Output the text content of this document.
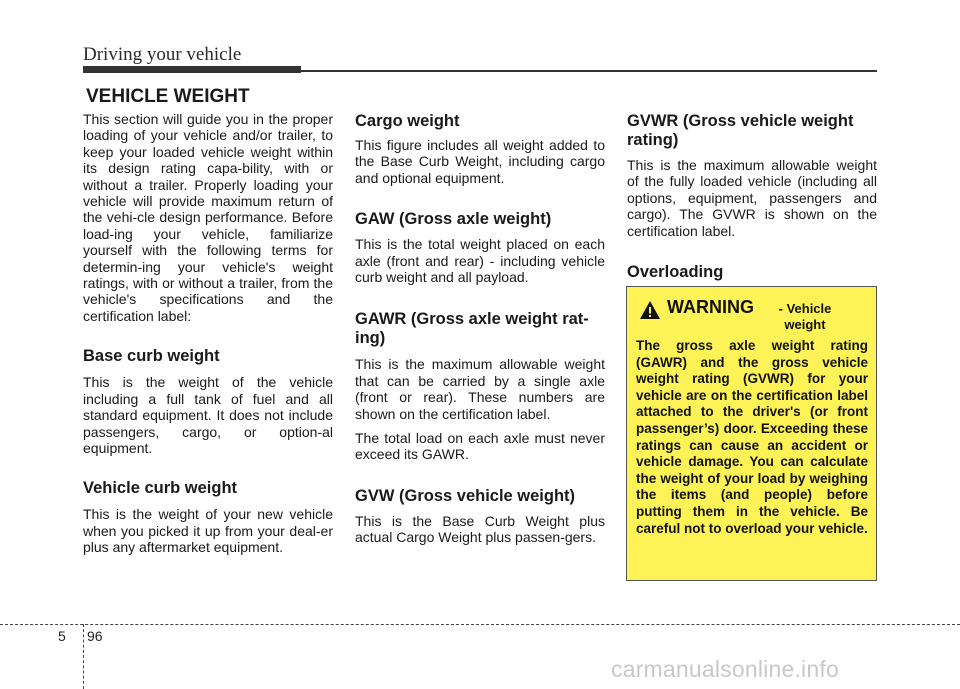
Driving your vehicle
VEHICLE WEIGHT

This section will guide you in the proper loading of your vehicle and/or trailer, to keep your loaded vehicle weight within its design rating capa-bility, with or without a trailer. Properly loading your vehicle will provide maximum return of the vehi-cle design performance. Before load-ing your vehicle, familiarize yourself with the following terms for determin-ing your vehicle's weight ratings, with or without a trailer, from the vehicle's specifications and the certification label:

Base curb weight

This is the weight of the vehicle including a full tank of fuel and all standard equipment. It does not include passengers, cargo, or option-al equipment.

Vehicle curb weight

This is the weight of your new vehicle when you picked it up from your deal-er plus any aftermarket equipment.

Cargo weight

This figure includes all weight added to the Base Curb Weight, including cargo and optional equipment.

GAW (Gross axle weight)

This is the total weight placed on each axle (front and rear) - including vehicle curb weight and all payload.

GAWR (Gross axle weight rat-ing)

This is the maximum allowable weight that can be carried by a single axle (front or rear). These numbers are shown on the certification label.

The total load on each axle must never exceed its GAWR.

GVW (Gross vehicle weight)

This is the Base Curb Weight plus actual Cargo Weight plus passen-gers.

GVWR (Gross vehicle weight rating)

This is the maximum allowable weight of the fully loaded vehicle (including all options, equipment, passengers and cargo). The GVWR is shown on the certification label.

Overloading
WARNING	- Vehicle weight

The gross axle weight rating (GAWR) and the gross vehicle weight rating (GVWR) for your vehicle are on the certification label attached to the driver's (or front passenger’s) door. Exceeding these ratings can cause an accident or vehicle damage. You can calculate the weight of your load by weighing the items (and people) before putting them in the vehicle. Be careful not to overload your vehicle.

5 96
carmanualsonline.info
